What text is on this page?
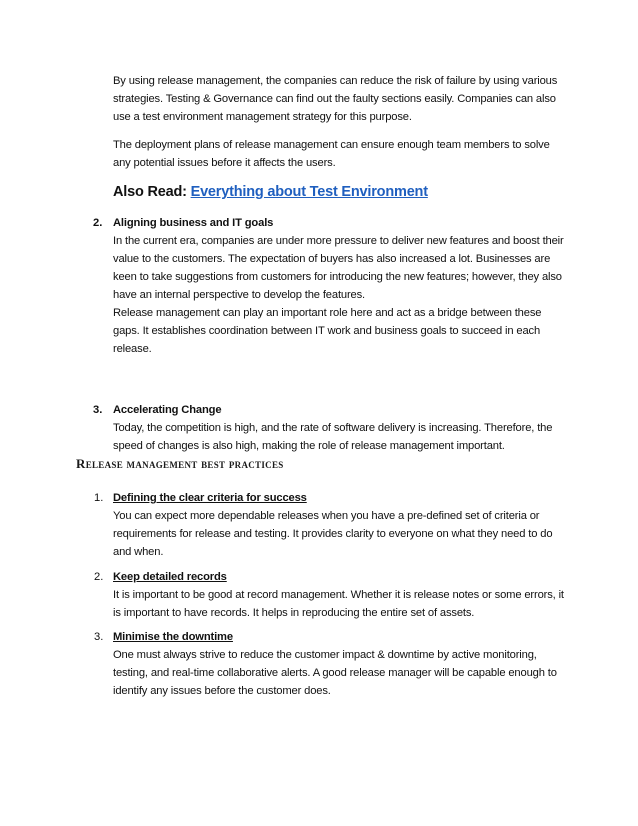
By using release management, the companies can reduce the risk of failure by using various strategies. Testing & Governance can find out the faulty sections easily. Companies can also use a test environment management strategy for this purpose.
The deployment plans of release management can ensure enough team members to solve any potential issues before it affects the users.
Also Read: Everything about Test Environment
2. Aligning business and IT goals
In the current era, companies are under more pressure to deliver new features and boost their value to the customers. The expectation of buyers has also increased a lot. Businesses are keen to take suggestions from customers for introducing the new features; however, they also have an internal perspective to develop the features.
Release management can play an important role here and act as a bridge between these gaps. It establishes coordination between IT work and business goals to succeed in each release.
3. Accelerating Change
Today, the competition is high, and the rate of software delivery is increasing. Therefore, the speed of changes is also high, making the role of release management important.
Release management best practices
1. Defining the clear criteria for success
You can expect more dependable releases when you have a pre-defined set of criteria or requirements for release and testing. It provides clarity to everyone on what they need to do and when.
2. Keep detailed records
It is important to be good at record management. Whether it is release notes or some errors, it is important to have records. It helps in reproducing the entire set of assets.
3. Minimise the downtime
One must always strive to reduce the customer impact & downtime by active monitoring, testing, and real-time collaborative alerts. A good release manager will be capable enough to identify any issues before the customer does.
